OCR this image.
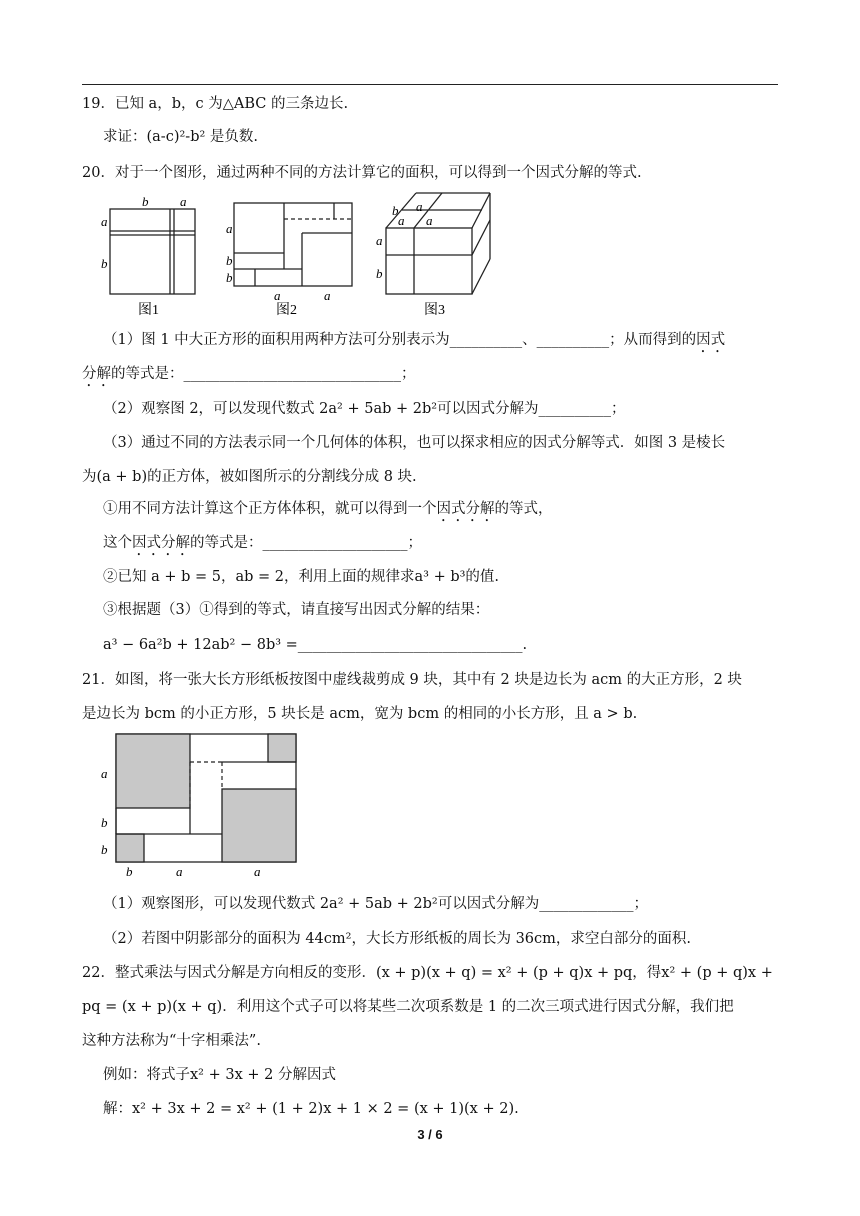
19．已知 a，b，c 为△ABC 的三条边长.
求证：(a-c)²-b² 是负数.
20．对于一个图形，通过两种不同的方法计算它的面积，可以得到一个因式分解的等式.
b a
a
b
图1
a
b
b
a	a
图2
b a
a a
a
b
图3
（1）图 1 中大正方形的面积用两种方法可分别表示为__________、__________；从而得到的因式
分解的等式是：______________________________；
（2）观察图 2，可以发现代数式 2a² + 5ab + 2b²可以因式分解为__________；
（3）通过不同的方法表示同一个几何体的体积，也可以探求相应的因式分解等式．如图 3 是棱长
为(a + b)的正方体，被如图所示的分割线分成 8 块.
①用不同方法计算这个正方体体积，就可以得到一个因式分解的等式，
这个因式分解的等式是：____________________；
②已知 a + b = 5，ab = 2，利用上面的规律求a³ + b³的值.
③根据题（3）①得到的等式，请直接写出因式分解的结果：
a³ − 6a²b + 12ab² − 8b³ =_______________________________.
21．如图，将一张大长方形纸板按图中虚线裁剪成 9 块，其中有 2 块是边长为 acm 的大正方形，2 块
是边长为 bcm 的小正方形，5 块长是 acm，宽为 bcm 的相同的小长方形，且 a > b.
a
b
b
b	a	a
（1）观察图形，可以发现代数式 2a² + 5ab + 2b²可以因式分解为_____________；
（2）若图中阴影部分的面积为 44cm²，大长方形纸板的周长为 36cm，求空白部分的面积.
22．整式乘法与因式分解是方向相反的变形．(x + p)(x + q) = x² + (p + q)x + pq，得x² + (p + q)x +
pq = (x + p)(x + q)．利用这个式子可以将某些二次项系数是 1 的二次三项式进行因式分解，我们把
这种方法称为“十字相乘法”.
例如：将式子x² + 3x + 2 分解因式
解：x² + 3x + 2 = x² + (1 + 2)x + 1 × 2 = (x + 1)(x + 2).
3 / 6
